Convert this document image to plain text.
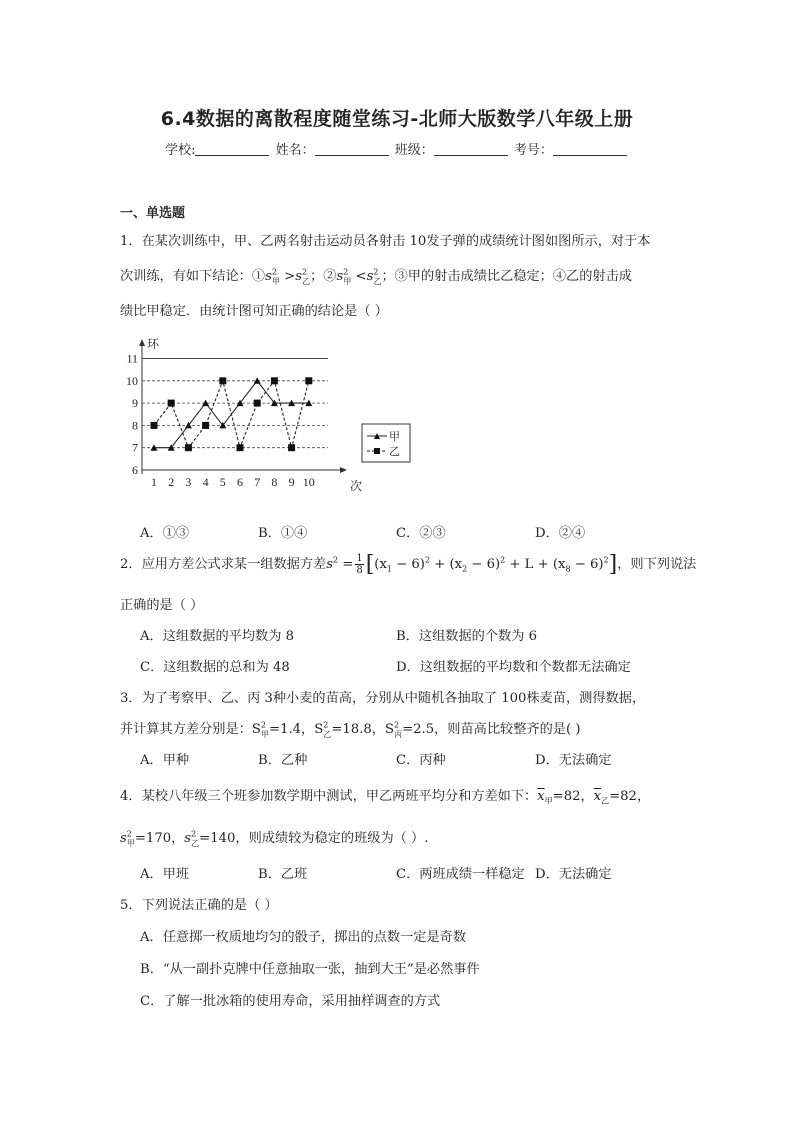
6.4数据的离散程度随堂练习-北师大版数学八年级上册
学校:	姓名：	班级：	考号：
一、单选题
1．在某次训练中，甲、乙两名射击运动员各射击 10发子弹的成绩统计图如图所示，对于本
次训练，有如下结论：$①s^2_甲 >s^2_乙$；$②s^2_甲 <s^2_乙$；③甲的射击成绩比乙稳定；④乙的射击成
绩比甲稳定．由统计图可知正确的结论是（ ）
6
7
8
9
10
11
1 2 3 4 5 6 7 8 9 10
环
次
甲
乙
A．①③	B．①④	C．②③	D．②④
2．应用方差公式求某一组数据方差$s^2 = \frac{1}{8} [(x_1 - 6)^2 + (x_2 - 6)^2 + L + (x_8 - 6)^2]$，则下列说法
正确的是（ ）
A．这组数据的平均数为 8	B．这组数据的个数为 6
C．这组数据的总和为 48	D．这组数据的平均数和个数都无法确定
3．为了考察甲、乙、丙 3种小麦的苗高，分别从中随机各抽取了 100株麦苗，测得数据，
并计算其方差分别是：$S^2_甲=1.4$，$S^2_乙=18.8$，$S^2_丙=2.5$，则苗高比较整齐的是( )
A．甲种	B．乙种	C．丙种	D．无法确定
4．某校八年级三个班参加数学期中测试，甲乙两班平均分和方差如下：$\overline{x}_甲=82$，$\overline{x}_乙=82$，
$s^2_甲=170$，$s^2_乙=140$，则成绩较为稳定的班级为（ ）.
A．甲班	B．乙班	C．两班成绩一样稳定 D．无法确定
5．下列说法正确的是（ ）
A．任意掷一枚质地均匀的骰子，掷出的点数一定是奇数
B．“从一副扑克牌中任意抽取一张，抽到大王”是必然事件
C．了解一批冰箱的使用寿命，采用抽样调查的方式
